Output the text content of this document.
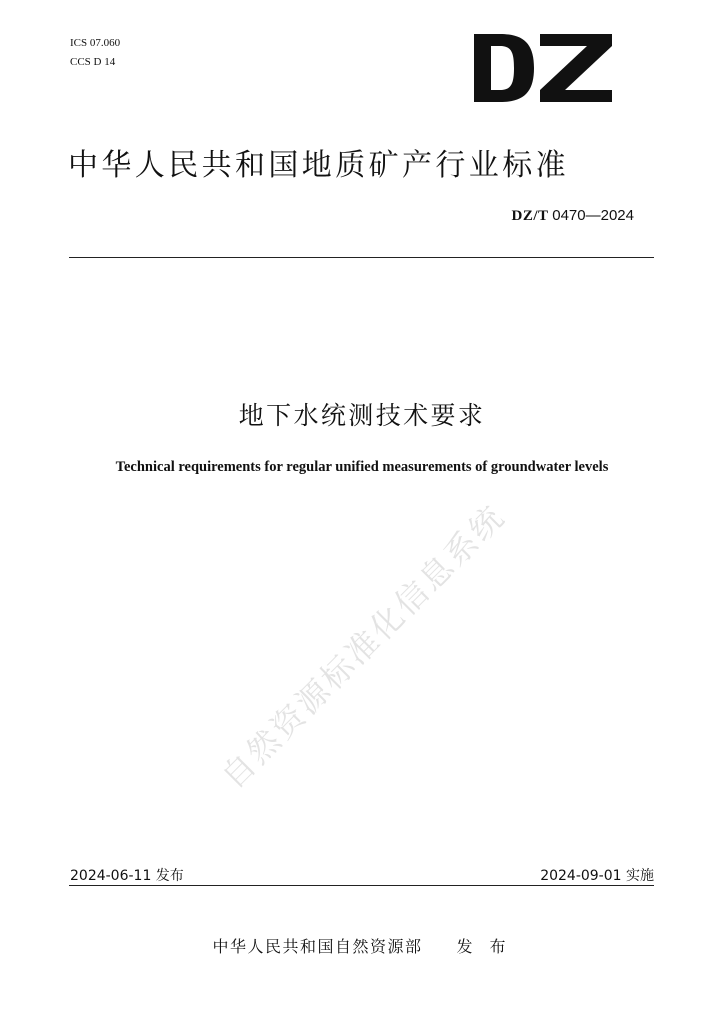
ICS 07.060
CCS D 14
中华人民共和国地质矿产行业标准
DZ/T 0470—2024
地下水统测技术要求
Technical requirements for regular unified measurements of groundwater levels
自然资源标准化信息系统
2024-06-11 发布	2024-09-01 实施
中华人民共和国自然资源部 发 布
